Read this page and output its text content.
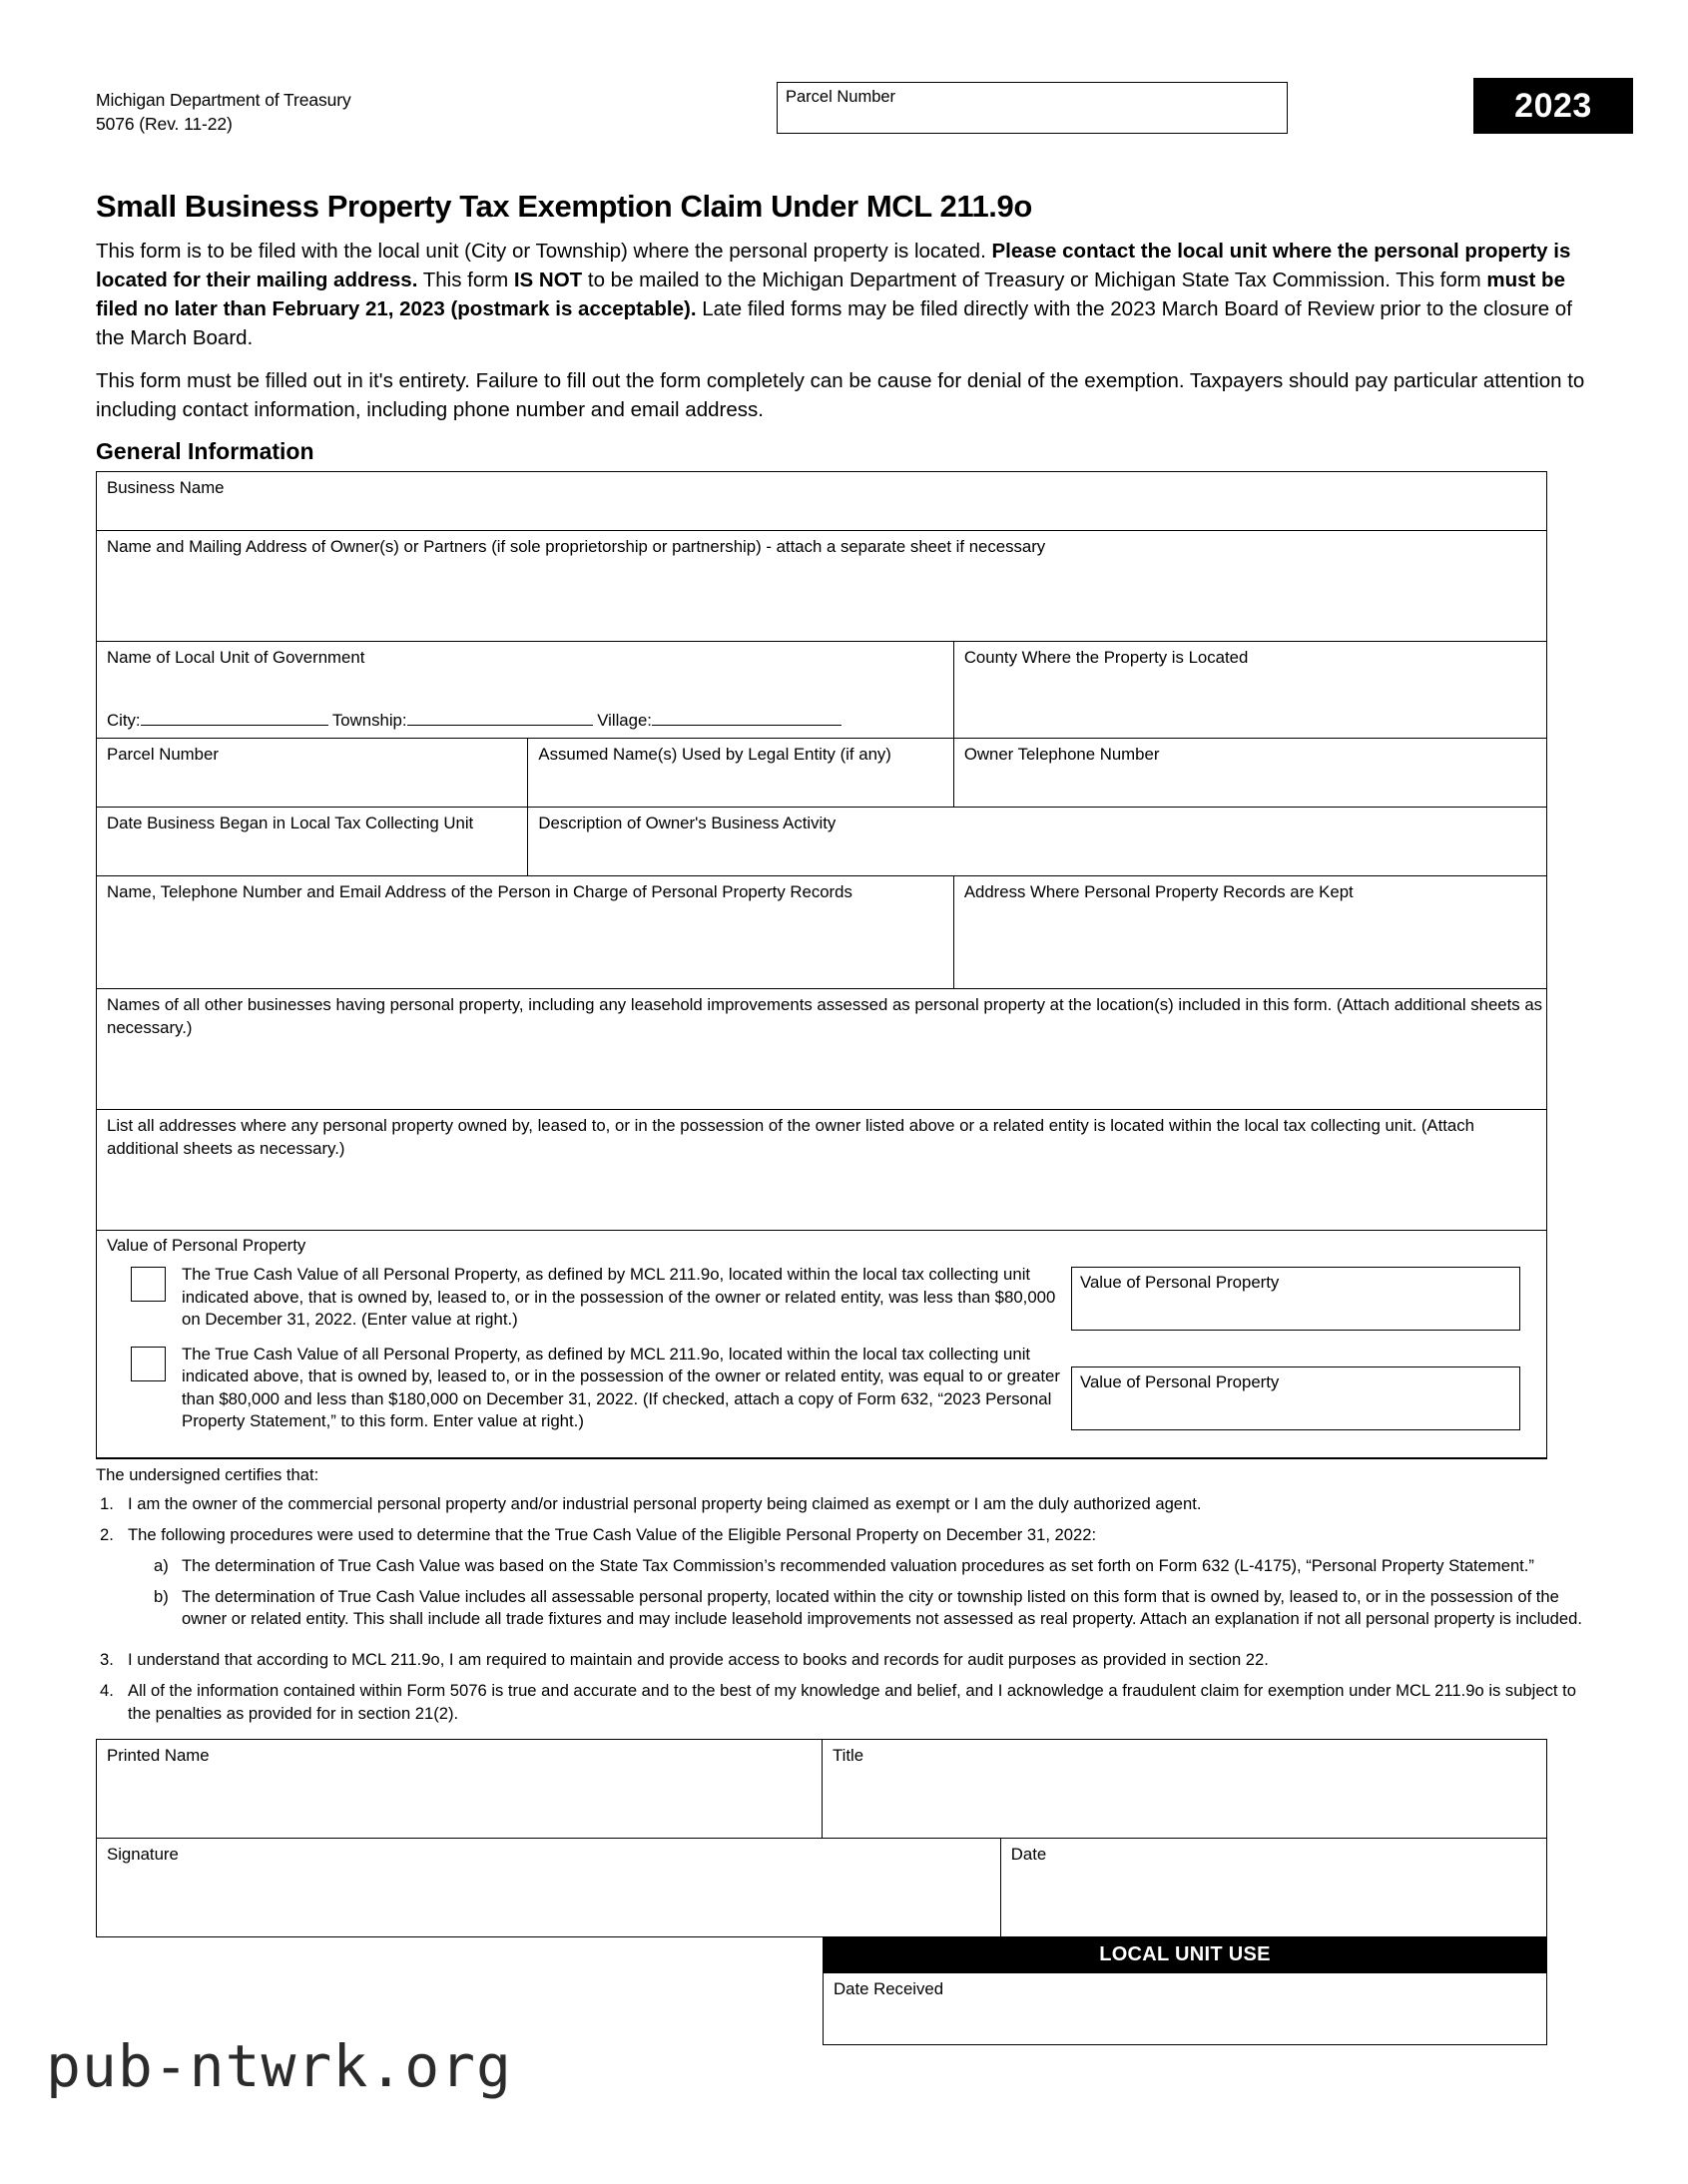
Michigan Department of Treasury
5076 (Rev. 11-22)
Parcel Number	2023
Small Business Property Tax Exemption Claim Under MCL 211.9o

This form is to be filed with the local unit (City or Township) where the personal property is located. Please contact the local unit where the personal property is located for their mailing address. This form IS NOT to be mailed to the Michigan Department of Treasury or Michigan State Tax Commission. This form must be filed no later than February 21, 2023 (postmark is acceptable). Late filed forms may be filed directly with the 2023 March Board of Review prior to the closure of the March Board.

This form must be filled out in it's entirety. Failure to fill out the form completely can be cause for denial of the exemption. Taxpayers should pay particular attention to including contact information, including phone number and email address.

General Information
Business Name
Name and Mailing Address of Owner(s) or Partners (if sole proprietorship or partnership) - attach a separate sheet if necessary
Name of Local Unit of Government
City:	Township:	Village:
County Where the Property is Located
Parcel Number	Assumed Name(s) Used by Legal Entity (if any)	Owner Telephone Number
Date Business Began in Local Tax Collecting Unit	Description of Owner's Business Activity
Name, Telephone Number and Email Address of the Person in Charge of Personal Property Records	Address Where Personal Property Records are Kept
Names of all other businesses having personal property, including any leasehold improvements assessed as personal property at the location(s) included in this form. (Attach additional sheets as necessary.)
List all addresses where any personal property owned by, leased to, or in the possession of the owner listed above or a related entity is located within the local tax collecting unit. (Attach additional sheets as necessary.)
Value of Personal Property
The True Cash Value of all Personal Property, as defined by MCL 211.9o, located within the local tax collecting unit indicated above, that is owned by, leased to, or in the possession of the owner or related entity, was less than $80,000 on December 31, 2022. (Enter value at right.)
The True Cash Value of all Personal Property, as defined by MCL 211.9o, located within the local tax collecting unit indicated above, that is owned by, leased to, or in the possession of the owner or related entity, was equal to or greater than $80,000 and less than $180,000 on December 31, 2022. (If checked, attach a copy of Form 632, “2023 Personal Property Statement,” to this form. Enter value at right.)
Value of Personal Property
Value of Personal Property
The undersigned certifies that:
1. I am the owner of the commercial personal property and/or industrial personal property being claimed as exempt or I am the duly authorized agent.
2. The following procedures were used to determine that the True Cash Value of the Eligible Personal Property on December 31, 2022:
a) The determination of True Cash Value was based on the State Tax Commission’s recommended valuation procedures as set forth on Form 632 (L-4175), “Personal Property Statement.”
b) The determination of True Cash Value includes all assessable personal property, located within the city or township listed on this form that is owned by, leased to, or in the possession of the owner or related entity. This shall include all trade fixtures and may include leasehold improvements not assessed as real property. Attach an explanation if not all personal property is included.
3. I understand that according to MCL 211.9o, I am required to maintain and provide access to books and records for audit purposes as provided in section 22.
4. All of the information contained within Form 5076 is true and accurate and to the best of my knowledge and belief, and I acknowledge a fraudulent claim for exemption under MCL 211.9o is subject to the penalties as provided for in section 21(2).
Printed Name	Title
Signature	Date
LOCAL UNIT USE
Date Received
pub-ntwrk.org
